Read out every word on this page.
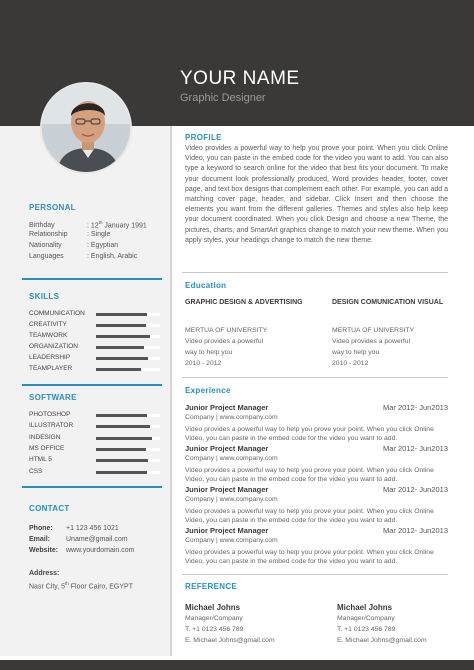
YOUR NAME
Graphic Designer
PERSONAL
Birthday	: 12th January 1991
Relationship	: Single
Nationality	: Egyptian
Languages	: English, Arabic
SKILLS
COMMUNICATION
CREATIVITY
TEAMWORK
ORGANIZATION
LEADERSHIP
TEAMPLAYER
SOFTWARE
PHOTOSHOP
ILLUSTRATOR
INDESIGN
MS OFFICE
HTML 5
CSS
CONTACT
Phone: +1 123 456 1021
Email: Uname@gmail.com
Website: www.yourdomain.com
Address:
Nasr City, 5th Floor Cairo, EGYPT
PROFILE
Video provides a powerful way to help you prove your point. When you click Online Video, you can paste in the embed code for the video you want to add. You can also type a keyword to search online for the video that best fits your document. To make your document look professionally produced, Word provides header, footer, cover page, and text box designs that complement each other. For example, you can add a matching cover page, header, and sidebar. Click Insert and then choose the elements you want from the different galleries. Themes and styles also help keep your document coordinated. When you click Design and choose a new Theme, the pictures, charts, and SmartArt graphics change to match your new theme. When you apply styles, your headings change to match the new theme.
Education
GRAPHIC DESIGN & ADVERTISING
MERTUA OF UNIVERSITY
Video provides a powerful
way to help you
2010 - 2012
DESIGN COMUNICATION VISUAL
MERTUA OF UNIVERSITY
Video provides a powerful
way to help you
2010 - 2012
Experience
Junior Project Manager	Mar 2012- Jun2013
Company | www.company.com
Video provides a powerful way to help you prove your point. When you click Online Video, you can paste in the embed code for the video you want to add.
Junior Project Manager	Mar 2012- Jun2013
Company | www.company.com
Video provides a powerful way to help you prove your point. When you click Online Video, you can paste in the embed code for the video you want to add.
Junior Project Manager	Mar 2012- Jun2013
Company | www.company.com
Video provides a powerful way to help you prove your point. When you click Online Video, you can paste in the embed code for the video you want to add.
Junior Project Manager	Mar 2012- Jun2013
Company | www.company.com
Video provides a powerful way to help you prove your point. When you click Online Video, you can paste in the embed code for the video you want to add.
REFERENCE
Michael Johns
Manager/Company
T. +1 0123 456 789
E. Michael Johns@gmail.com
Michael Johns
Manager/Company
T. +1 0123 456 789
E. Michael Johns@gmail.com
